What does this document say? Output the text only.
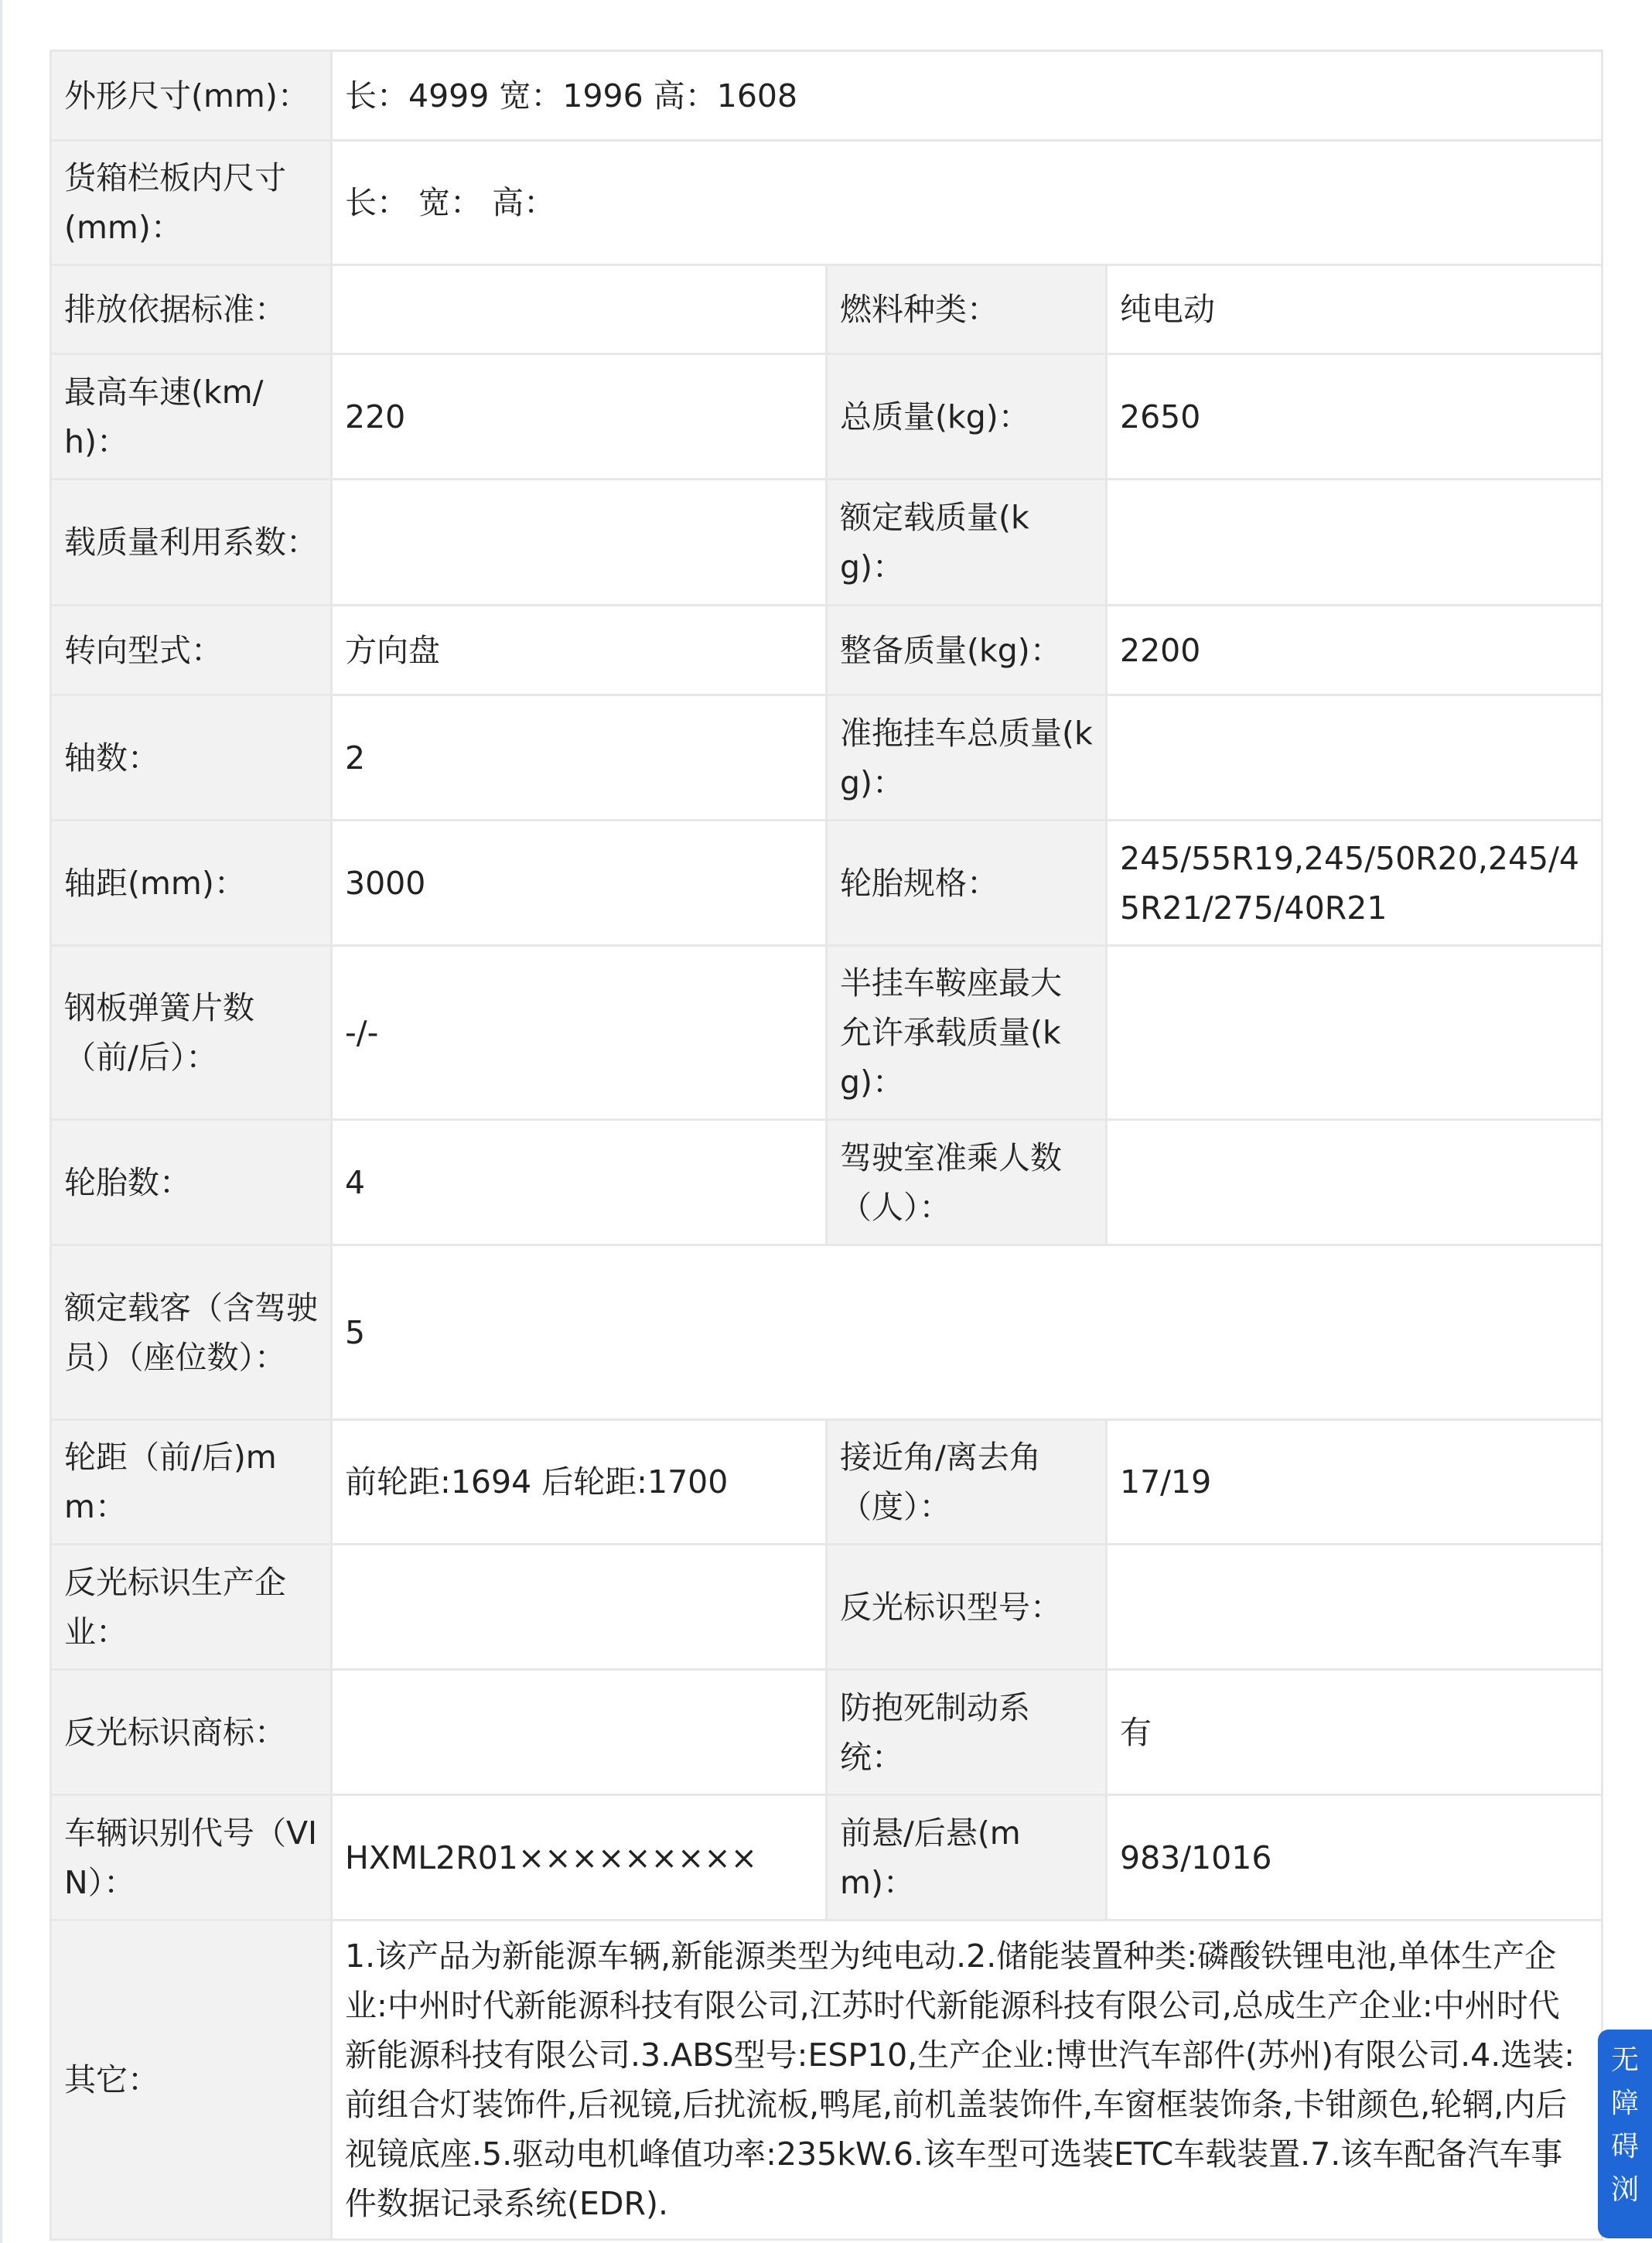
外形尺寸(mm)：	长：4999 宽：1996 高：1608		
货箱栏板内尺寸(mm)：	长： 宽： 高：		
排放依据标准：		燃料种类：	纯电动
最高车速(km/h)：	220	总质量(kg)：	2650
载质量利用系数：		额定载质量(kg)：	
转向型式：	方向盘	整备质量(kg)：	2200
轴数：	2	准拖挂车总质量(kg)：	
轴距(mm)：	3000	轮胎规格：	245/55R19,245/50R20,245/45R21/275/40R21
钢板弹簧片数（前/后）：	-/-	半挂车鞍座最大允许承载质量(kg)：	
轮胎数：	4	驾驶室准乘人数（人）：	
额定载客（含驾驶员）（座位数）：	5		
轮距（前/后)mm：	前轮距:1694 后轮距:1700	接近角/离去角（度）：	17/19
反光标识生产企业：		反光标识型号：	
反光标识商标：		防抱死制动系统：	有
车辆识别代号（VIN）：	HXML2R01×××××××××	前悬/后悬(mm)：	983/1016
其它：	1.该产品为新能源车辆,新能源类型为纯电动.2.储能装置种类:磷酸铁锂电池,单体生产企业:中州时代新能源科技有限公司,江苏时代新能源科技有限公司,总成生产企业:中州时代新能源科技有限公司.3.ABS型号:ESP10,生产企业:博世汽车部件(苏州)有限公司.4.选装:前组合灯装饰件,后视镜,后扰流板,鸭尾,前机盖装饰件,车窗框装饰条,卡钳颜色,轮辋,内后视镜底座.5.驱动电机峰值功率:235kW.6.该车型可选装ETC车载装置.7.该车配备汽车事件数据记录系统(EDR).		
无
障
碍
浏
